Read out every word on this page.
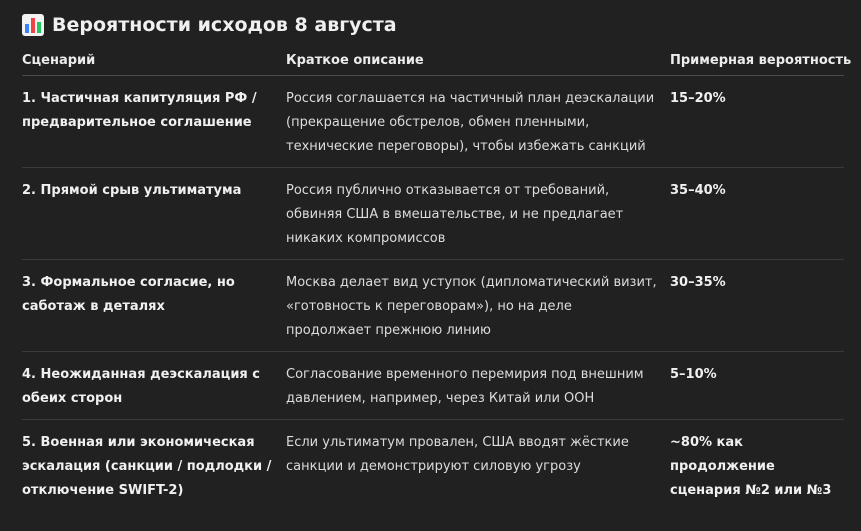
Вероятности исходов 8 августа
Сценарий	Краткое описание	Примерная вероятность
1. Частичная капитуляция РФ / предварительное соглашение	Россия соглашается на частичный план деэскалации (прекращение обстрелов, обмен пленными, технические переговоры), чтобы избежать санкций	15–20%
2. Прямой срыв ультиматума	Россия публично отказывается от требований, обвиняя США в вмешательстве, и не предлагает никаких компромиссов	35–40%
3. Формальное согласие, но саботаж в деталях	Москва делает вид уступок (дипломатический визит, «готовность к переговорам»), но на деле продолжает прежнюю линию	30–35%
4. Неожиданная деэскалация с обеих сторон	Согласование временного перемирия под внешним давлением, например, через Китай или ООН	5–10%
5. Военная или экономическая эскалация (санкции / подлодки / отключение SWIFT-2)	Если ультиматум провален, США вводят жёсткие санкции и демонстрируют силовую угрозу	~80% как продолжение сценария №2 или №3
